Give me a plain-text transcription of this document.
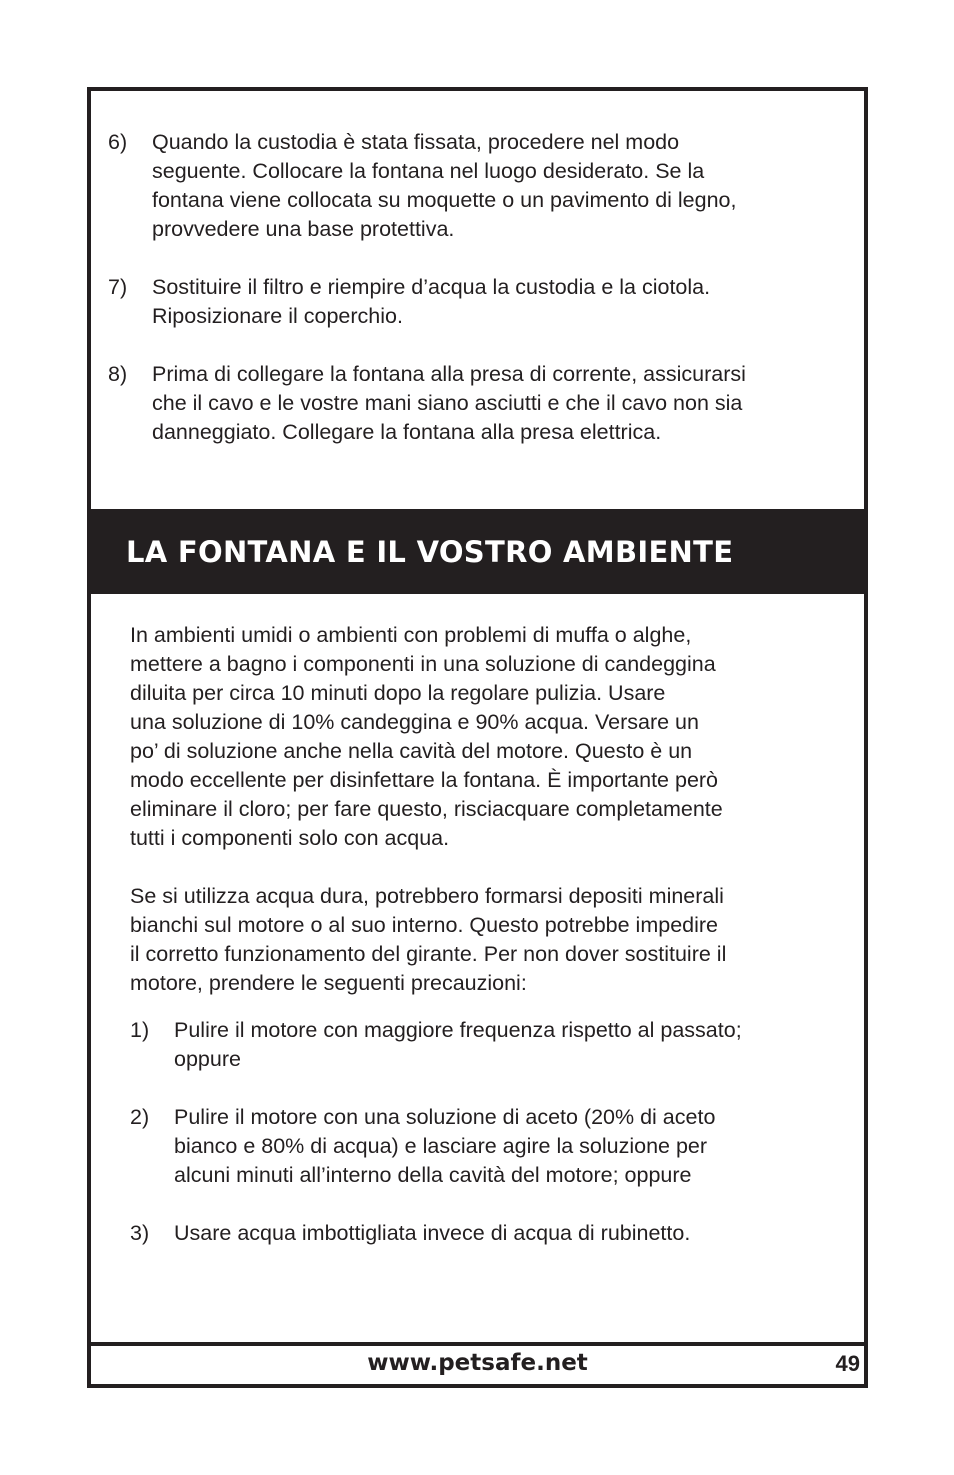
6)	Quando la custodia è stata fissata, procedere nel modo
seguente. Collocare la fontana nel luogo desiderato. Se la
fontana viene collocata su moquette o un pavimento di legno,
provvedere una base protettiva.
7)	Sostituire il filtro e riempire d’acqua la custodia e la ciotola.
Riposizionare il coperchio.
8)	Prima di collegare la fontana alla presa di corrente, assicurarsi
che il cavo e le vostre mani siano asciutti e che il cavo non sia
danneggiato. Collegare la fontana alla presa elettrica.
LA FONTANA E IL VOSTRO AMBIENTE

In ambienti umidi o ambienti con problemi di muffa o alghe,
mettere a bagno i componenti in una soluzione di candeggina
diluita per circa 10 minuti dopo la regolare pulizia. Usare
una soluzione di 10% candeggina e 90% acqua. Versare un
po’ di soluzione anche nella cavità del motore. Questo è un
modo eccellente per disinfettare la fontana. È importante però
eliminare il cloro; per fare questo, risciacquare completamente
tutti i componenti solo con acqua.

Se si utilizza acqua dura, potrebbero formarsi depositi minerali
bianchi sul motore o al suo interno. Questo potrebbe impedire
il corretto funzionamento del girante. Per non dover sostituire il
motore, prendere le seguenti precauzioni:

1)	Pulire il motore con maggiore frequenza rispetto al passato;
oppure
2)	Pulire il motore con una soluzione di aceto (20% di aceto
bianco e 80% di acqua) e lasciare agire la soluzione per
alcuni minuti all’interno della cavità del motore; oppure
3)	Usare acqua imbottigliata invece di acqua di rubinetto.
www.petsafe.net	49
